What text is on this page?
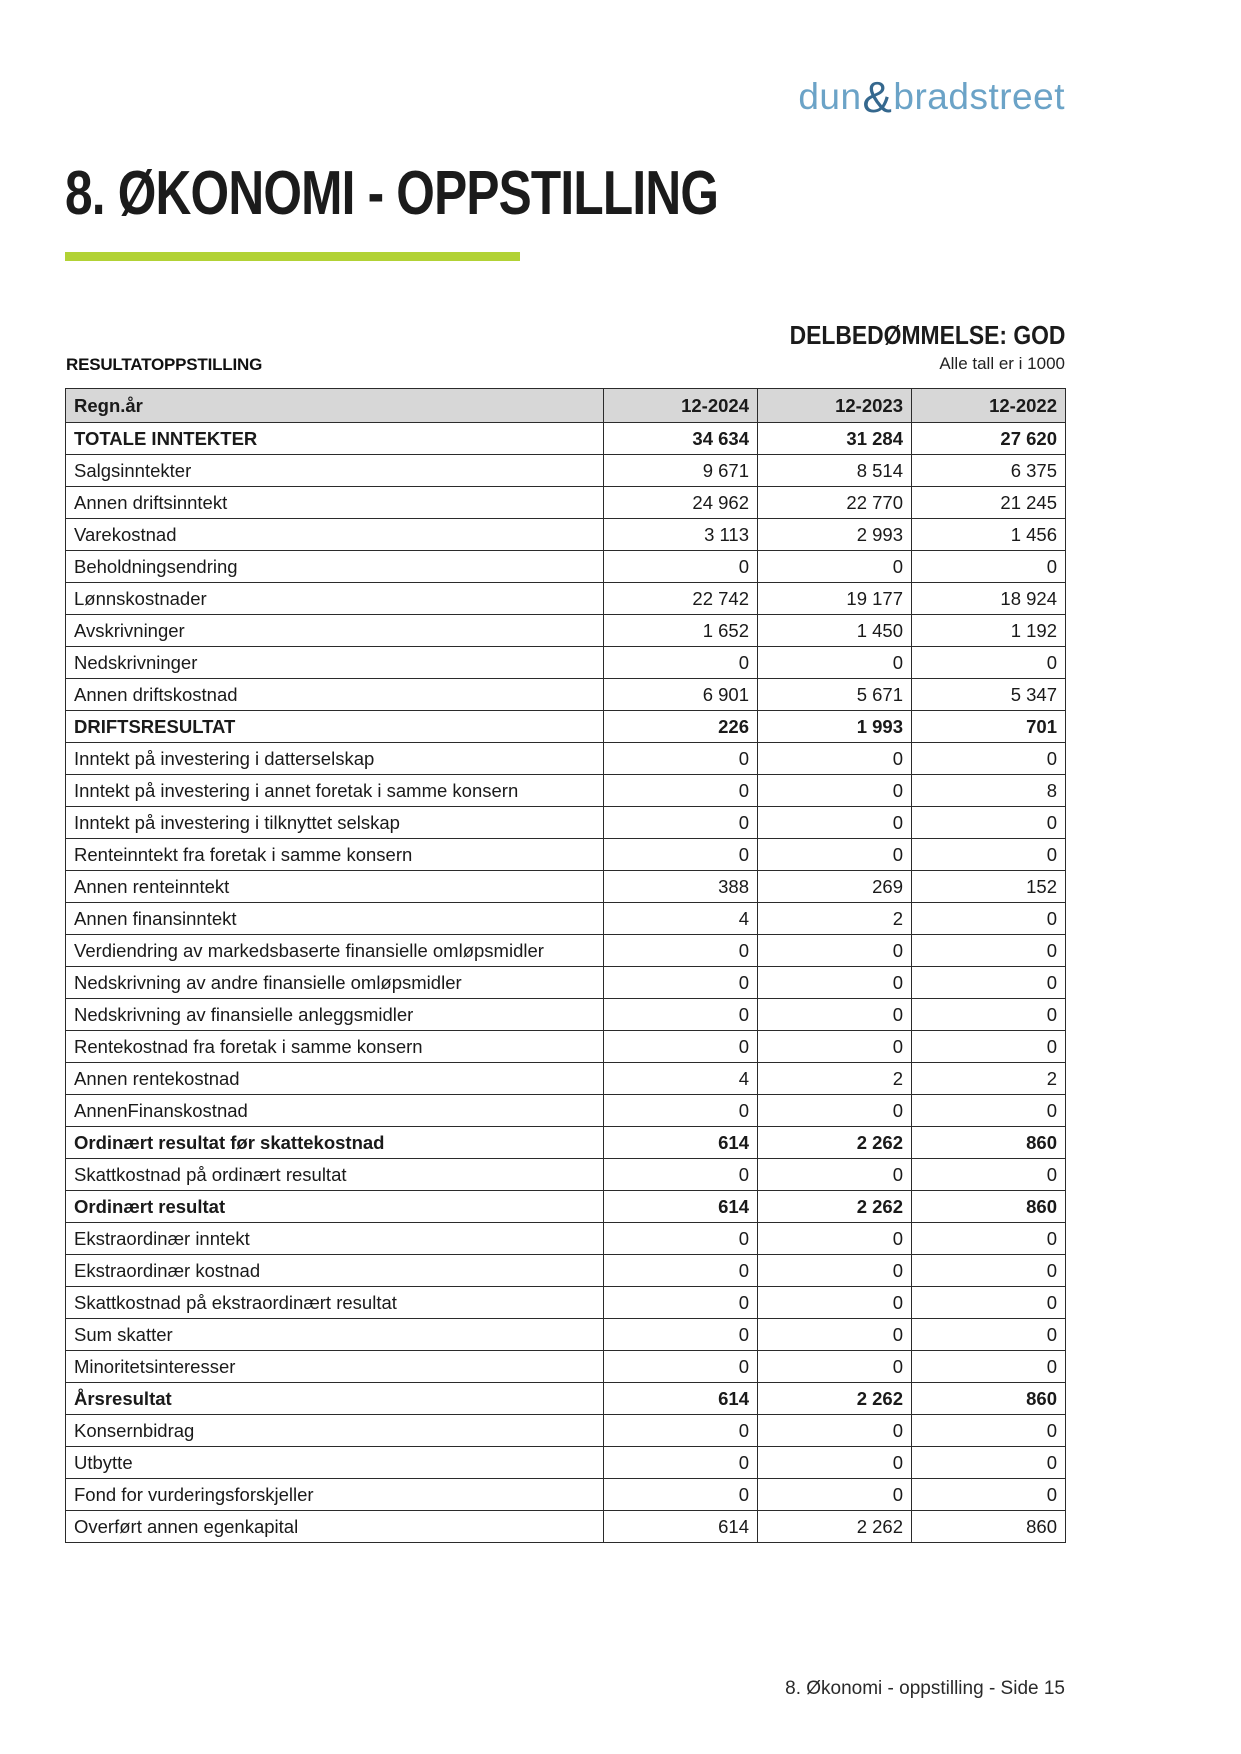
dun&bradstreet
8. ØKONOMI - OPPSTILLING
DELBEDØMMELSE: GOD
RESULTATOPPSTILLING	Alle tall er i 1000
Regn.år	12-2024	12-2023	12-2022
TOTALE INNTEKTER	34 634	31 284	27 620
Salgsinntekter	9 671	8 514	6 375
Annen driftsinntekt	24 962	22 770	21 245
Varekostnad	3 113	2 993	1 456
Beholdningsendring	0	0	0
Lønnskostnader	22 742	19 177	18 924
Avskrivninger	1 652	1 450	1 192
Nedskrivninger	0	0	0
Annen driftskostnad	6 901	5 671	5 347
DRIFTSRESULTAT	226	1 993	701
Inntekt på investering i datterselskap	0	0	0
Inntekt på investering i annet foretak i samme konsern	0	0	8
Inntekt på investering i tilknyttet selskap	0	0	0
Renteinntekt fra foretak i samme konsern	0	0	0
Annen renteinntekt	388	269	152
Annen finansinntekt	4	2	0
Verdiendring av markedsbaserte finansielle omløpsmidler	0	0	0
Nedskrivning av andre finansielle omløpsmidler	0	0	0
Nedskrivning av finansielle anleggsmidler	0	0	0
Rentekostnad fra foretak i samme konsern	0	0	0
Annen rentekostnad	4	2	2
AnnenFinanskostnad	0	0	0
Ordinært resultat før skattekostnad	614	2 262	860
Skattkostnad på ordinært resultat	0	0	0
Ordinært resultat	614	2 262	860
Ekstraordinær inntekt	0	0	0
Ekstraordinær kostnad	0	0	0
Skattkostnad på ekstraordinært resultat	0	0	0
Sum skatter	0	0	0
Minoritetsinteresser	0	0	0
Årsresultat	614	2 262	860
Konsernbidrag	0	0	0
Utbytte	0	0	0
Fond for vurderingsforskjeller	0	0	0
Overført annen egenkapital	614	2 262	860
8. Økonomi - oppstilling - Side 15
